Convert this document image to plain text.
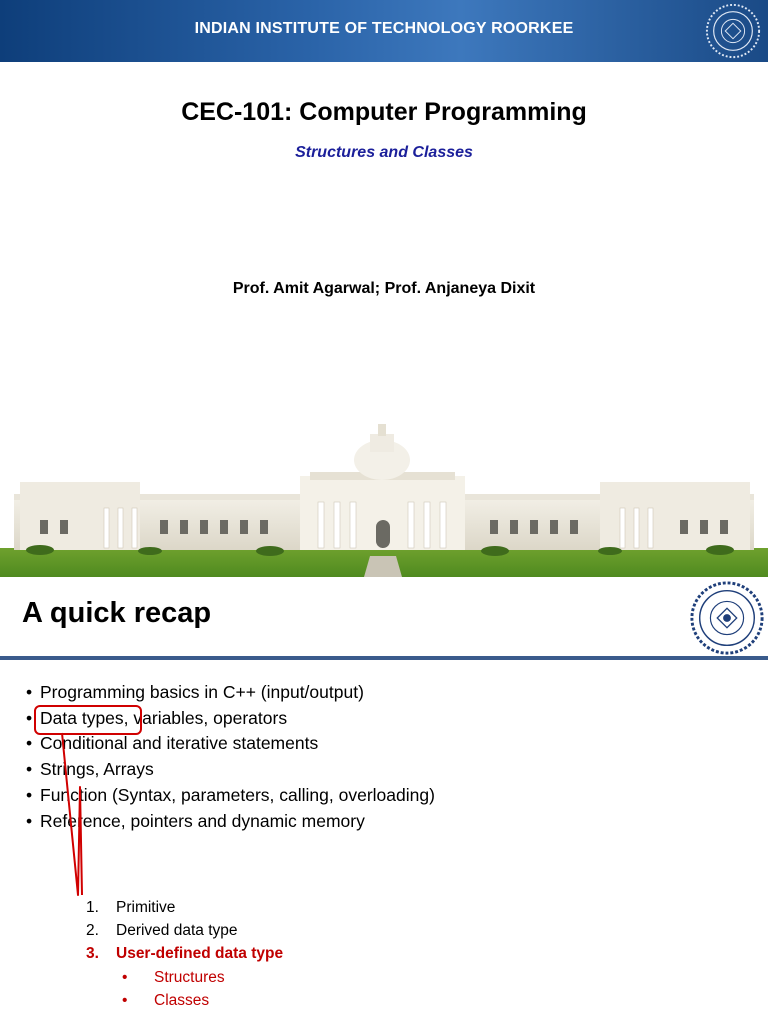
INDIAN INSTITUTE OF TECHNOLOGY ROORKEE
CEC-101: Computer Programming
Structures and Classes
Prof. Amit Agarwal; Prof. Anjaneya Dixit
A quick recap
• Programming basics in C++ (input/output)
• Data types, variables, operators
• Conditional and iterative statements
• Strings, Arrays
• Function (Syntax, parameters, calling, overloading)
• Reference, pointers and dynamic memory
1. Primitive
2. Derived data type
3. User-defined data type
• Structures
• Classes
